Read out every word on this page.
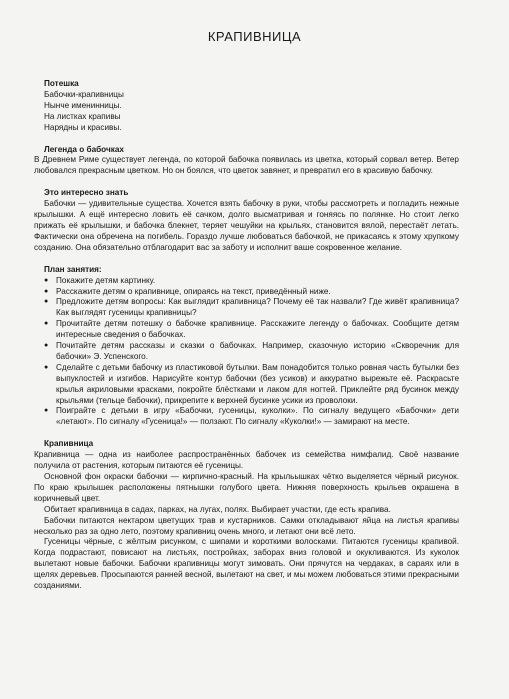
КРАПИВНИЦА

Потешка

Бабочки-крапивницы
Нынче именинницы.
На листках крапивы
Нарядны и красивы.

Легенда о бабочках

В Древнем Риме существует легенда, по которой бабочка появилась из цветка, который сорвал ветер. Ветер любовался прекрасным цветком. Но он боялся, что цветок завянет, и превратил его в красивую бабочку.

Это интересно знать

Бабочки — удивительные существа. Хочется взять бабочку в руки, чтобы рассмотреть и погладить нежные крылышки. А ещё интересно ловить её сачком, долго высматривая и гоняясь по полянке. Но стоит легко прижать её крылышки, и бабочка блекнет, теряет чешуйки на крыльях, становится вялой, перестаёт летать. Фактически она обречена на погибель. Гораздо лучше любоваться бабочкой, не прикасаясь к этому хрупкому созданию. Она обязательно отблагодарит вас за заботу и исполнит ваше сокровенное желание.

План занятия:

● Покажите детям картинку.
● Расскажите детям о крапивнице, опираясь на текст, приведённый ниже.
● Предложите детям вопросы: Как выглядит крапивница? Почему её так назвали? Где живёт крапивница? Как выглядят гусеницы крапивницы?
● Прочитайте детям потешку о бабочке крапивнице. Расскажите легенду о бабочках. Сообщите детям интересные сведения о бабочках.
● Почитайте детям рассказы и сказки о бабочках. Например, сказочную историю «Скворечник для бабочки» Э. Успенского.
● Сделайте с детьми бабочку из пластиковой бутылки. Вам понадобится только ровная часть бутылки без выпуклостей и изгибов. Нарисуйте контур бабочки (без усиков) и аккуратно вырежьте её. Раскрасьте крылья акриловыми красками, покройте блёстками и лаком для ногтей. Приклейте ряд бусинок между крыльями (тельце бабочки), прикрепите к верхней бусинке усики из проволоки.
● Поиграйте с детьми в игру «Бабочки, гусеницы, куколки». По сигналу ведущего «Бабочки» дети «летают». По сигналу «Гусеница!» — ползают. По сигналу «Куколки!» — замирают на месте.

Крапивница

Крапивница — одна из наиболее распространённых бабочек из семейства нимфалид. Своё название получила от растения, которым питаются её гусеницы.

Основной фон окраски бабочки — кирпично-красный. На крыльышках чётко выделяется чёрный рисунок. По краю крылышек расположены пятнышки голубого цвета. Нижняя поверхность крыльев окрашена в коричневый цвет.

Обитает крапивница в садах, парках, на лугах, полях. Выбирает участки, где есть крапива.

Бабочки питаются нектаром цветущих трав и кустарников. Самки откладывают яйца на листья крапивы несколько раз за одно лето, поэтому крапивниц очень много, и летают они всё лето.

Гусеницы чёрные, с жёлтым рисунком, с шипами и короткими волосками. Питаются гусеницы крапивой. Когда подрастают, повисают на листьях, постройках, заборах вниз головой и окукливаются. Из куколок вылетают новые бабочки. Бабочки крапивницы могут зимовать. Они прячутся на чердаках, в сараях или в щелях деревьев. Просыпаются ранней весной, вылетают на свет, и мы можем любоваться этими прекрасными созданиями.
